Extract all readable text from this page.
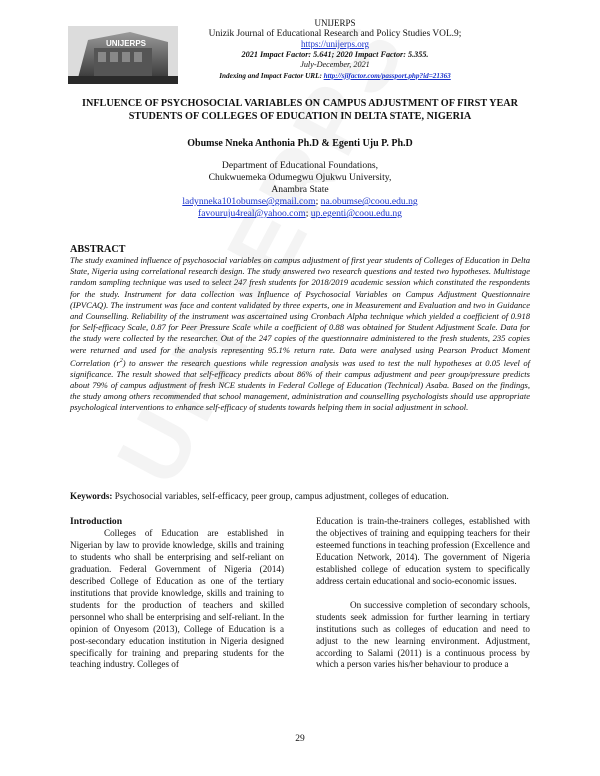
UNIJERPS
UNIJERPS
Unizik Journal of Educational Research and Policy Studies VOL.9;
https://unijerps.org
2021 Impact Factor: 5.641; 2020 Impact Factor: 5.355.
July-December, 2021
Indexing and Impact Factor URL: http://sjifactor.com/passport.php?id=21363
INFLUENCE OF PSYCHOSOCIAL VARIABLES ON CAMPUS ADJUSTMENT OF FIRST YEAR STUDENTS OF COLLEGES OF EDUCATION IN DELTA STATE, NIGERIA
Obumse Nneka Anthonia Ph.D & Egenti Uju P. Ph.D
Department of Educational Foundations,
Chukwuemeka Odumegwu Ojukwu University,
Anambra State
ladynneka101obumse@gmail.com; na.obumse@coou.edu.ng
favouruju4real@yahoo.com; up.egenti@coou.edu.ng
ABSTRACT
The study examined influence of psychosocial variables on campus adjustment of first year students of Colleges of Education in Delta State, Nigeria using correlational research design. The study answered two research questions and tested two hypotheses. Multistage random sampling technique was used to select 247 fresh students for 2018/2019 academic session which constituted the respondents for the study. Instrument for data collection was Influence of Psychosocial Variables on Campus Adjustment Questionnaire (IPVCAQ). The instrument was face and content validated by three experts, one in Measurement and Evaluation and two in Guidance and Counselling. Reliability of the instrument was ascertained using Cronbach Alpha technique which yielded a coefficient of 0.918 for Self-efficacy Scale, 0.87 for Peer Pressure Scale while a coefficient of 0.88 was obtained for Student Adjustment Scale. Data for the study were collected by the researcher. Out of the 247 copies of the questionnaire administered to the fresh students, 235 copies were returned and used for the analysis representing 95.1% return rate. Data were analysed using Pearson Product Moment Correlation $(r^2)$ to answer the research questions while regression analysis was used to test the null hypotheses at 0.05 level of significance. The result showed that self-efficacy predicts about 86% of their campus adjustment and peer group/pressure predicts about 79% of campus adjustment of fresh NCE students in Federal College of Education (Technical) Asaba. Based on the findings, the study among others recommended that school management, administration and counselling psychologists should use appropriate psychological interventions to enhance self-efficacy of students towards helping them in social adjustment in school.
Keywords: Psychosocial variables, self-efficacy, peer group, campus adjustment, colleges of education.
Introduction

Colleges of Education are established in Nigerian by law to provide knowledge, skills and training to students who shall be enterprising and self-reliant on graduation. Federal Government of Nigeria (2014) described College of Education as one of the tertiary institutions that provide knowledge, skills and training to students for the production of teachers and skilled personnel who shall be enterprising and self-reliant. In the opinion of Onyesom (2013), College of Education is a post-secondary education institution in Nigeria designed specifically for training and preparing students for the teaching industry. Colleges of

Education is train-the-trainers colleges, established with the objectives of training and equipping teachers for their esteemed functions in teaching profession (Excellence and Education Network, 2014). The government of Nigeria established college of education system to specifically address certain educational and socio-economic issues.

On successive completion of secondary schools, students seek admission for further learning in tertiary institutions such as colleges of education and need to adjust to the new learning environment. Adjustment, according to Salami (2011) is a continuous process by which a person varies his/her behaviour to produce a

29
